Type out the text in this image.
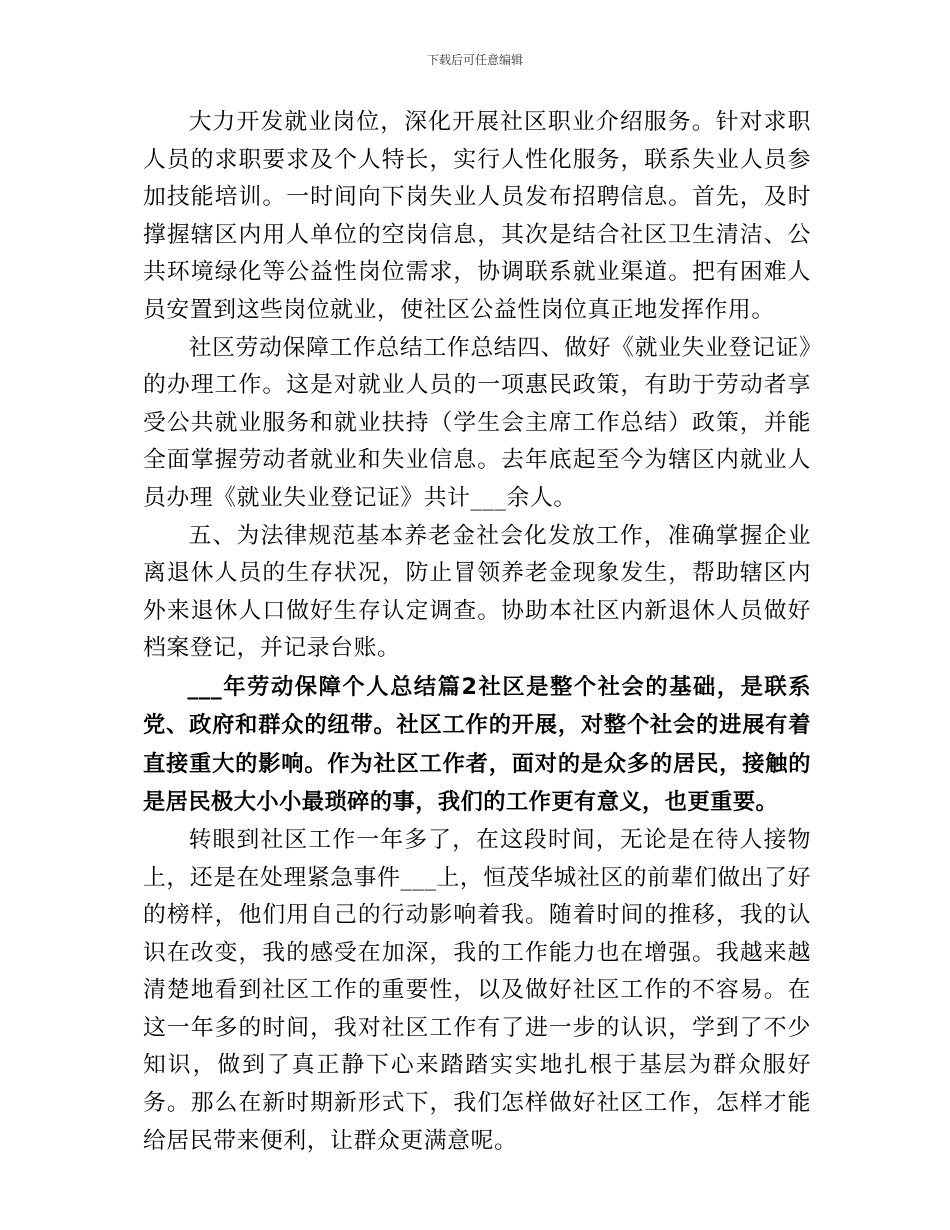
下载后可任意编辑

大力开发就业岗位，深化开展社区职业介绍服务。针对求职人员的求职要求及个人特长，实行人性化服务，联系失业人员参加技能培训。一时间向下岗失业人员发布招聘信息。首先，及时撑握辖区内用人单位的空岗信息，其次是结合社区卫生清洁、公共环境绿化等公益性岗位需求，协调联系就业渠道。把有困难人员安置到这些岗位就业，使社区公益性岗位真正地发挥作用。

社区劳动保障工作总结工作总结四、做好《就业失业登记证》的办理工作。这是对就业人员的一项惠民政策，有助于劳动者享受公共就业服务和就业扶持（学生会主席工作总结）政策，并能全面掌握劳动者就业和失业信息。去年底起至今为辖区内就业人员办理《就业失业登记证》共计___余人。

五、为法律规范基本养老金社会化发放工作，准确掌握企业离退休人员的生存状况，防止冒领养老金现象发生，帮助辖区内外来退休人口做好生存认定调查。协助本社区内新退休人员做好档案登记，并记录台账。

___年劳动保障个人总结篇2社区是整个社会的基础，是联系党、政府和群众的纽带。社区工作的开展，对整个社会的进展有着直接重大的影响。作为社区工作者，面对的是众多的居民，接触的是居民极大小小最琐碎的事，我们的工作更有意义，也更重要。

转眼到社区工作一年多了，在这段时间，无论是在待人接物上，还是在处理紧急事件___上，恒茂华城社区的前辈们做出了好的榜样，他们用自己的行动影响着我。随着时间的推移，我的认识在改变，我的感受在加深，我的工作能力也在增强。我越来越清楚地看到社区工作的重要性，以及做好社区工作的不容易。在这一年多的时间，我对社区工作有了进一步的认识，学到了不少知识，做到了真正静下心来踏踏实实地扎根于基层为群众服好务。那么在新时期新形式下，我们怎样做好社区工作，怎样才能给居民带来便利，让群众更满意呢。
